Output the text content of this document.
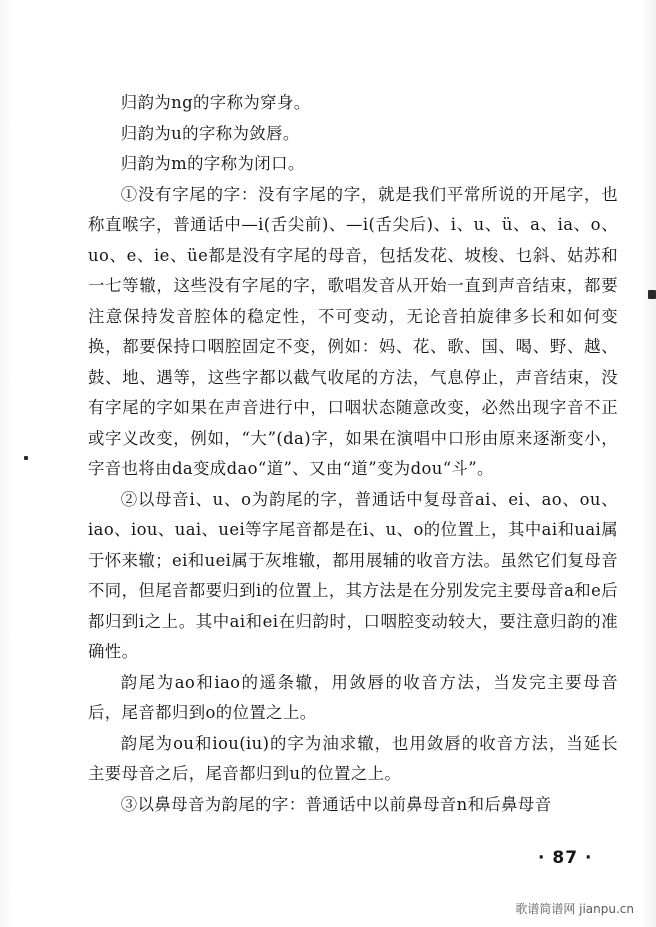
归韵为ng的字称为穿身。

归韵为u的字称为敛唇。

归韵为m的字称为闭口。

①没有字尾的字：没有字尾的字，就是我们平常所说的开尾字，也称直喉字，普通话中—i(舌尖前)、—i(舌尖后)、i、u、ü、a、ia、o、uo、e、ie、üe都是没有字尾的母音，包括发花、坡梭、乜斜、姑苏和一七等辙，这些没有字尾的字，歌唱发音从开始一直到声音结束，都要注意保持发音腔体的稳定性，不可变动，无论音拍旋律多长和如何变换，都要保持口咽腔固定不变，例如：妈、花、歌、国、喝、野、越、鼓、地、遇等，这些字都以截气收尾的方法，气息停止，声音结束，没有字尾的字如果在声音进行中，口咽状态随意改变，必然出现字音不正或字义改变，例如，“大”(da)字，如果在演唱中口形由原来逐渐变小，字音也将由da变成dao“道”、又由“道”变为dou“斗”。

②以母音i、u、o为韵尾的字，普通话中复母音ai、ei、ao、ou、iao、iou、uai、uei等字尾音都是在i、u、o的位置上，其中ai和uai属于怀来辙；ei和uei属于灰堆辙，都用展辅的收音方法。虽然它们复母音不同，但尾音都要归到i的位置上，其方法是在分别发完主要母音a和e后都归到i之上。其中ai和ei在归韵时，口咽腔变动较大，要注意归韵的准确性。

韵尾为ao和iao的遥条辙，用敛唇的收音方法，当发完主要母音后，尾音都归到o的位置之上。

韵尾为ou和iou(iu)的字为油求辙，也用敛唇的收音方法，当延长主要母音之后，尾音都归到u的位置之上。

③以鼻母音为韵尾的字：普通话中以前鼻母音n和后鼻母音

· 87 ·
歌谱简谱网 jianpu.cn
